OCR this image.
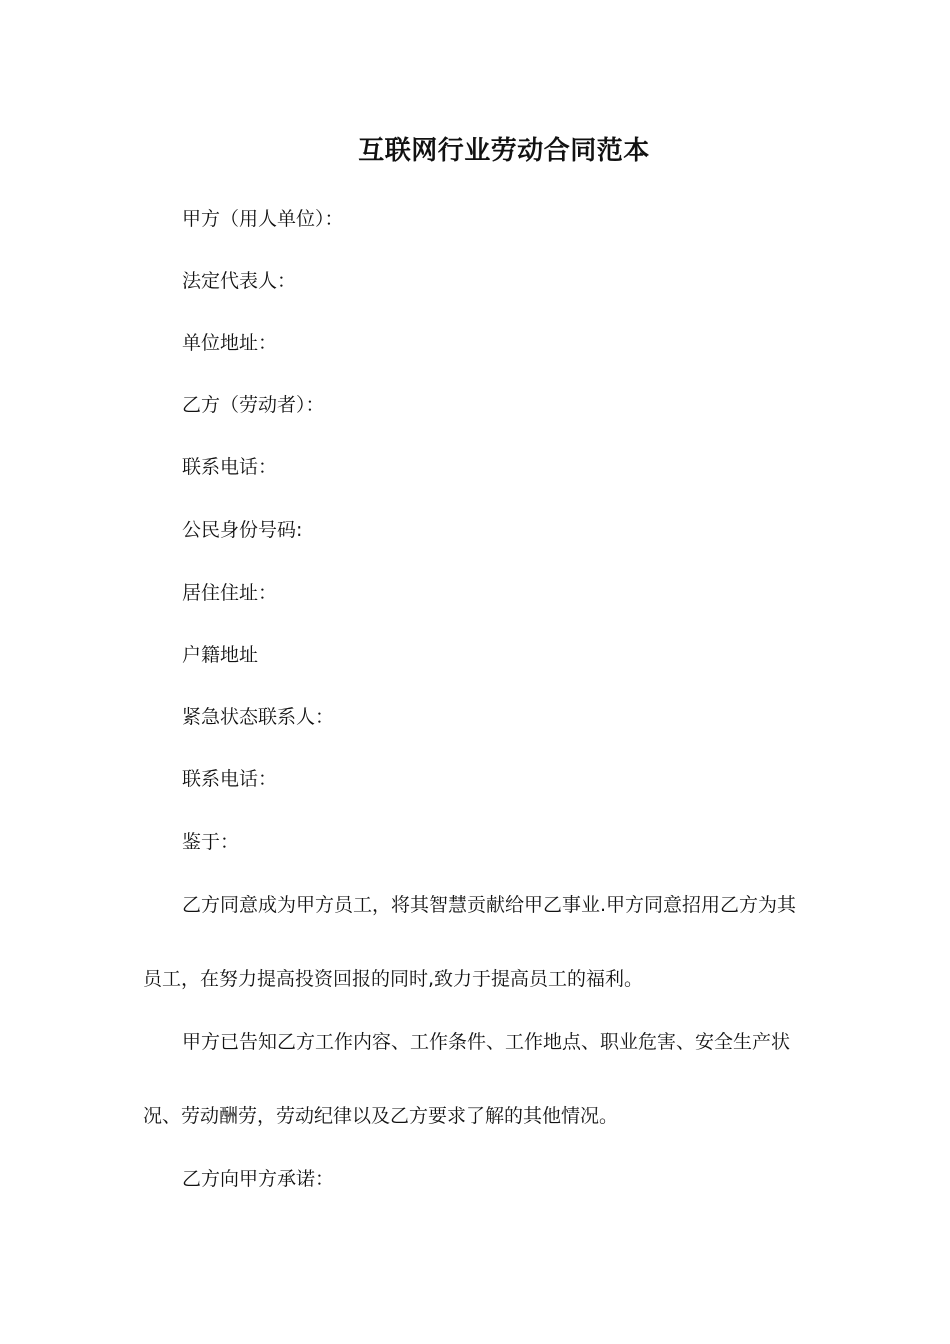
互联网行业劳动合同范本
甲方（用人单位）：
法定代表人：
单位地址：
乙方（劳动者）：
联系电话：
公民身份号码:
居住住址：
户籍地址
紧急状态联系人：
联系电话：
鉴于：
乙方同意成为甲方员工，将其智慧贡献给甲乙事业.甲方同意招用乙方为其
员工，在努力提高投资回报的同时,致力于提高员工的福利。
甲方已告知乙方工作内容、工作条件、工作地点、职业危害、安全生产状
况、劳动酬劳，劳动纪律以及乙方要求了解的其他情况。
乙方向甲方承诺：
